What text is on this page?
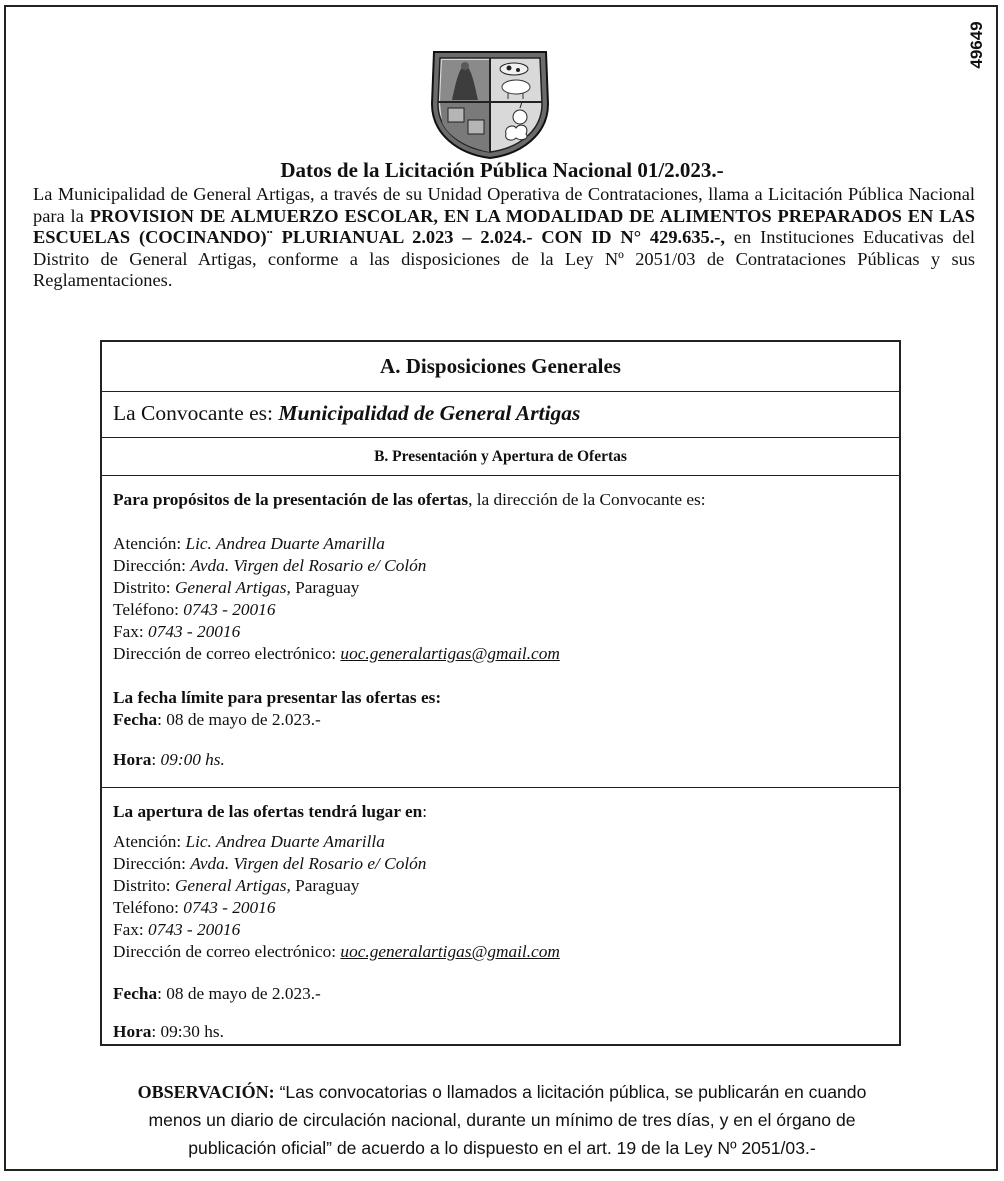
49649
Datos de la Licitación Pública Nacional 01/2.023.-

La Municipalidad de General Artigas, a través de su Unidad Operativa de Contrataciones, llama a Licitación Pública Nacional para la PROVISION DE ALMUERZO ESCOLAR, EN LA MODALIDAD DE ALIMENTOS PREPARADOS EN LAS ESCUELAS (COCINANDO)¨ PLURIANUAL 2.023 – 2.024.- CON ID N° 429.635.-, en Instituciones Educativas del Distrito de General Artigas, conforme a las disposiciones de la Ley Nº 2051/03 de Contrataciones Públicas y sus Reglamentaciones.

A. Disposiciones Generales
La Convocante es: Municipalidad de General Artigas
B. Presentación y Apertura de Ofertas
Para propósitos de la presentación de las ofertas, la dirección de la Convocante es:
Atención: Lic. Andrea Duarte Amarilla
Dirección: Avda. Virgen del Rosario e/ Colón
Distrito: General Artigas, Paraguay
Teléfono: 0743 - 20016
Fax: 0743 - 20016
Dirección de correo electrónico: uoc.generalartigas@gmail.com
La fecha límite para presentar las ofertas es:
Fecha: 08 de mayo de 2.023.-
Hora: 09:00 hs.
La apertura de las ofertas tendrá lugar en:
Atención: Lic. Andrea Duarte Amarilla
Dirección: Avda. Virgen del Rosario e/ Colón
Distrito: General Artigas, Paraguay
Teléfono: 0743 - 20016
Fax: 0743 - 20016
Dirección de correo electrónico: uoc.generalartigas@gmail.com
Fecha: 08 de mayo de 2.023.-
Hora: 09:30 hs.
OBSERVACIÓN: “Las convocatorias o llamados a licitación pública, se publicarán en cuando
menos un diario de circulación nacional, durante un mínimo de tres días, y en el órgano de
publicación oficial” de acuerdo a lo dispuesto en el art. 19 de la Ley Nº 2051/03.-
